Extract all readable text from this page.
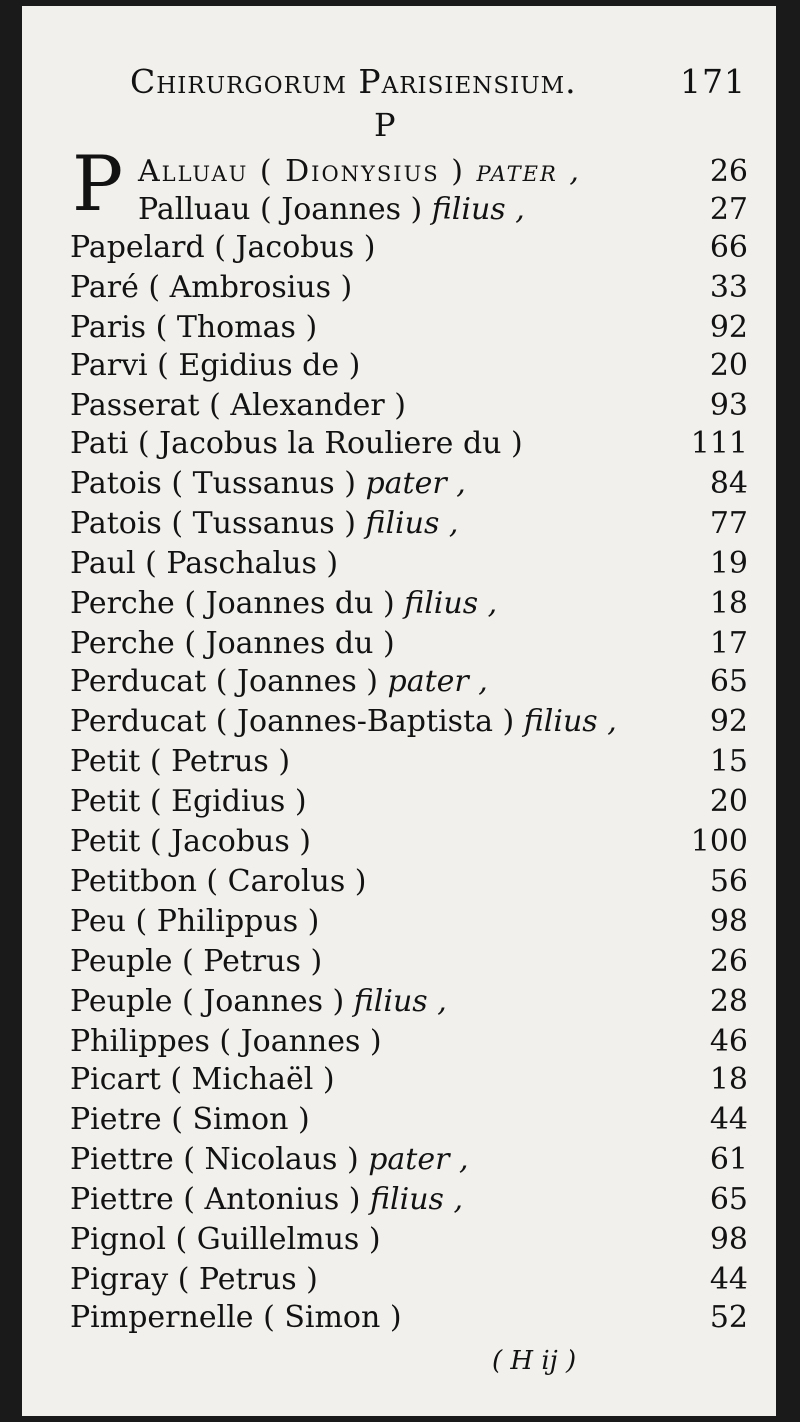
Chirurgorum Parisiensium.	171
P
P Alluau ( Dionysius ) pater ,	26
Palluau ( Joannes ) filius ,	27
Papelard ( Jacobus )	66
Paré ( Ambrosius )	33
Paris ( Thomas )	92
Parvi ( Egidius de )	20
Passerat ( Alexander )	93
Pati ( Jacobus la Rouliere du )	111
Patois ( Tussanus ) pater ,	84
Patois ( Tussanus ) filius ,	77
Paul ( Paschalus )	19
Perche ( Joannes du ) filius ,	18
Perche ( Joannes du )	17
Perducat ( Joannes ) pater ,	65
Perducat ( Joannes-Baptista ) filius ,	92
Petit ( Petrus )	15
Petit ( Egidius )	20
Petit ( Jacobus )	100
Petitbon ( Carolus )	56
Peu ( Philippus )	98
Peuple ( Petrus )	26
Peuple ( Joannes ) filius ,	28
Philippes ( Joannes )	46
Picart ( Michaël )	18
Pietre ( Simon )	44
Piettre ( Nicolaus ) pater ,	61
Piettre ( Antonius ) filius ,	65
Pignol ( Guillelmus )	98
Pigray ( Petrus )	44
Pimpernelle ( Simon )	52
( H ij )
